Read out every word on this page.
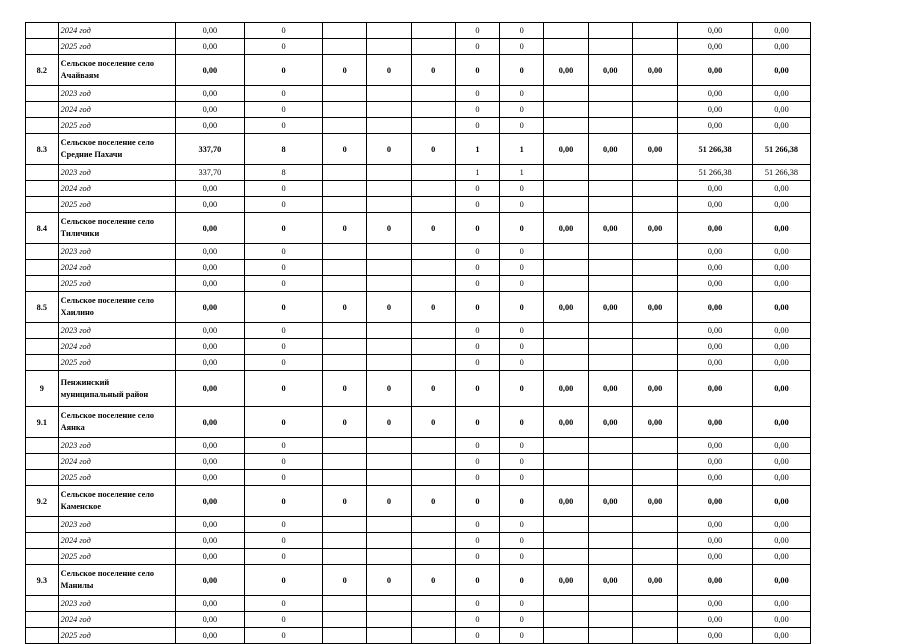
	2024 год	0,00	0				0	0				0,00	0,00
	2025 год	0,00	0				0	0				0,00	0,00
8.2	Сельское поселение село Ачайваям	0,00	0	0	0	0	0	0	0,00	0,00	0,00	0,00	0,00
	2023 год	0,00	0				0	0				0,00	0,00
	2024 год	0,00	0				0	0				0,00	0,00
	2025 год	0,00	0				0	0				0,00	0,00
8.3	Сельское поселение село Средние Пахачи	337,70	8	0	0	0	1	1	0,00	0,00	0,00	51 266,38	51 266,38
	2023 год	337,70	8				1	1				51 266,38	51 266,38
	2024 год	0,00	0				0	0				0,00	0,00
	2025 год	0,00	0				0	0				0,00	0,00
8.4	Сельское поселение село Тиличики	0,00	0	0	0	0	0	0	0,00	0,00	0,00	0,00	0,00
	2023 год	0,00	0				0	0				0,00	0,00
	2024 год	0,00	0				0	0				0,00	0,00
	2025 год	0,00	0				0	0				0,00	0,00
8.5	Сельское поселение село Хаилино	0,00	0	0	0	0	0	0	0,00	0,00	0,00	0,00	0,00
	2023 год	0,00	0				0	0				0,00	0,00
	2024 год	0,00	0				0	0				0,00	0,00
	2025 год	0,00	0				0	0				0,00	0,00
9	Пенжинский муниципальный район	0,00	0	0	0	0	0	0	0,00	0,00	0,00	0,00	0,00
9.1	Сельское поселение село Аянка	0,00	0	0	0	0	0	0	0,00	0,00	0,00	0,00	0,00
	2023 год	0,00	0				0	0				0,00	0,00
	2024 год	0,00	0				0	0				0,00	0,00
	2025 год	0,00	0				0	0				0,00	0,00
9.2	Сельское поселение село Каменское	0,00	0	0	0	0	0	0	0,00	0,00	0,00	0,00	0,00
	2023 год	0,00	0				0	0				0,00	0,00
	2024 год	0,00	0				0	0				0,00	0,00
	2025 год	0,00	0				0	0				0,00	0,00
9.3	Сельское поселение село Манилы	0,00	0	0	0	0	0	0	0,00	0,00	0,00	0,00	0,00
	2023 год	0,00	0				0	0				0,00	0,00
	2024 год	0,00	0				0	0				0,00	0,00
	2025 год	0,00	0				0	0				0,00	0,00
